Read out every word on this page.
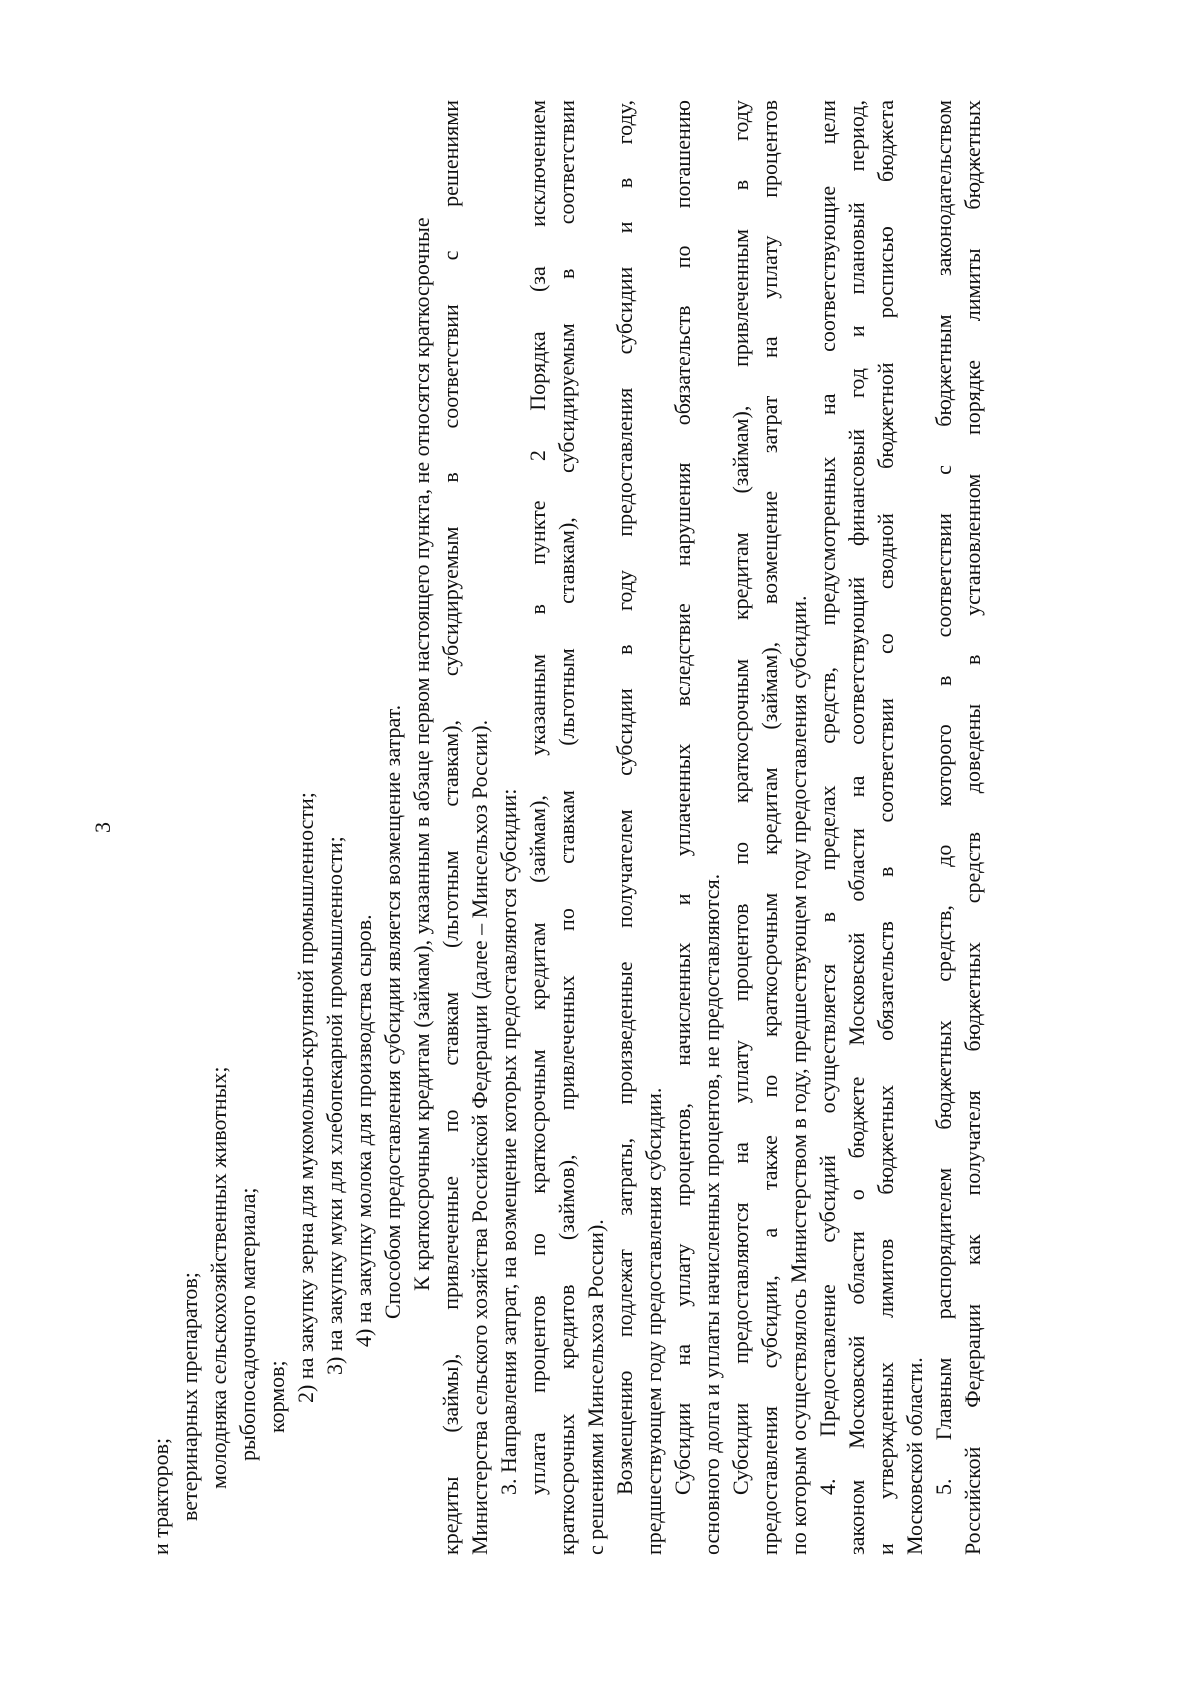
3
и тракторов; ветеринарных препаратов; молодняка сельскохозяйственных животных; рыбопосадочного материала; кормов; 2) на закупку зерна для мукомольно-крупяной промышленности; 3) на закупку муки для хлебопекарной промышленности; 4) на закупку молока для производства сыров. Способом предоставления субсидии является возмещение затрат. К краткосрочным кредитам (займам), указанным в абзаце первом настоящего пункта, не относятся краткосрочные кредиты (займы), привлеченные по ставкам (льготным ставкам), субсидируемым в соответствии с решениями Министерства сельского хозяйства Российской Федерации (далее – Минсельхоз России). 3. Направления затрат, на возмещение которых предоставляются субсидии: уплата процентов по краткосрочным кредитам (займам), указанным в пункте 2 Порядка (за исключением краткосрочных кредитов (займов), привлеченных по ставкам (льготным ставкам), субсидируемым в соответствии с решениями Минсельхоза России). Возмещению подлежат затраты, произведенные получателем субсидии в году предоставления субсидии и в году, предшествующем году предоставления субсидии. Субсидии на уплату процентов, начисленных и уплаченных вследствие нарушения обязательств по погашению основного долга и уплаты начисленных процентов, не предоставляются. Субсидии предоставляются на уплату процентов по краткосрочным кредитам (займам), привлеченным в году предоставления субсидии, а также по краткосрочным кредитам (займам), возмещение затрат на уплату процентов по которым осуществлялось Министерством в году, предшествующем году предоставления субсидии. 4. Предоставление субсидий осуществляется в пределах средств, предусмотренных на соответствующие цели законом Московской области о бюджете Московской области на соответствующий финансовый год и плановый период, и утвержденных лимитов бюджетных обязательств в соответствии со сводной бюджетной росписью бюджета Московской области. 5. Главным распорядителем бюджетных средств, до которого в соответствии с бюджетным законодательством Российской Федерации как получателя бюджетных средств доведены в установленном порядке лимиты бюджетных
